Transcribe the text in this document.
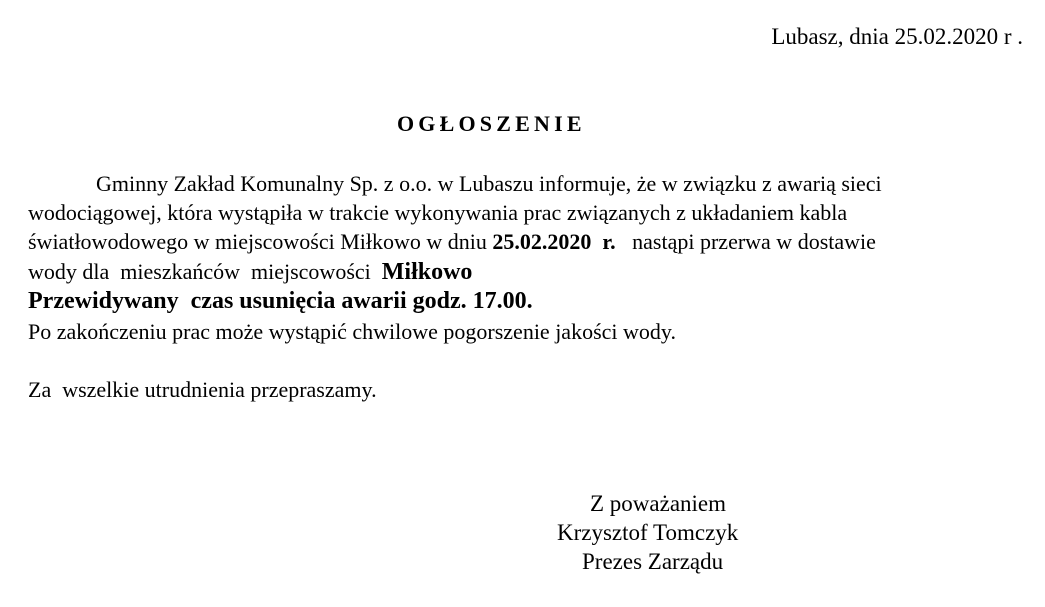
Lubasz, dnia 25.02.2020 r .
OGŁOSZENIE
Gminny Zakład Komunalny Sp. z o.o. w Lubaszu informuje, że w związku z awarią sieci
wodociągowej, która wystąpiła w trakcie wykonywania prac związanych z układaniem kabla
światłowodowego w miejscowości Miłkowo w dniu 25.02.2020  r.   nastąpi przerwa w dostawie
wody dla  mieszkańców  miejscowości  Miłkowo
Przewidywany  czas usunięcia awarii godz. 17.00.
Po zakończeniu prac może wystąpić chwilowe pogorszenie jakości wody.
Za  wszelkie utrudnienia przepraszamy.
Z poważaniem
Krzysztof Tomczyk
Prezes Zarządu
